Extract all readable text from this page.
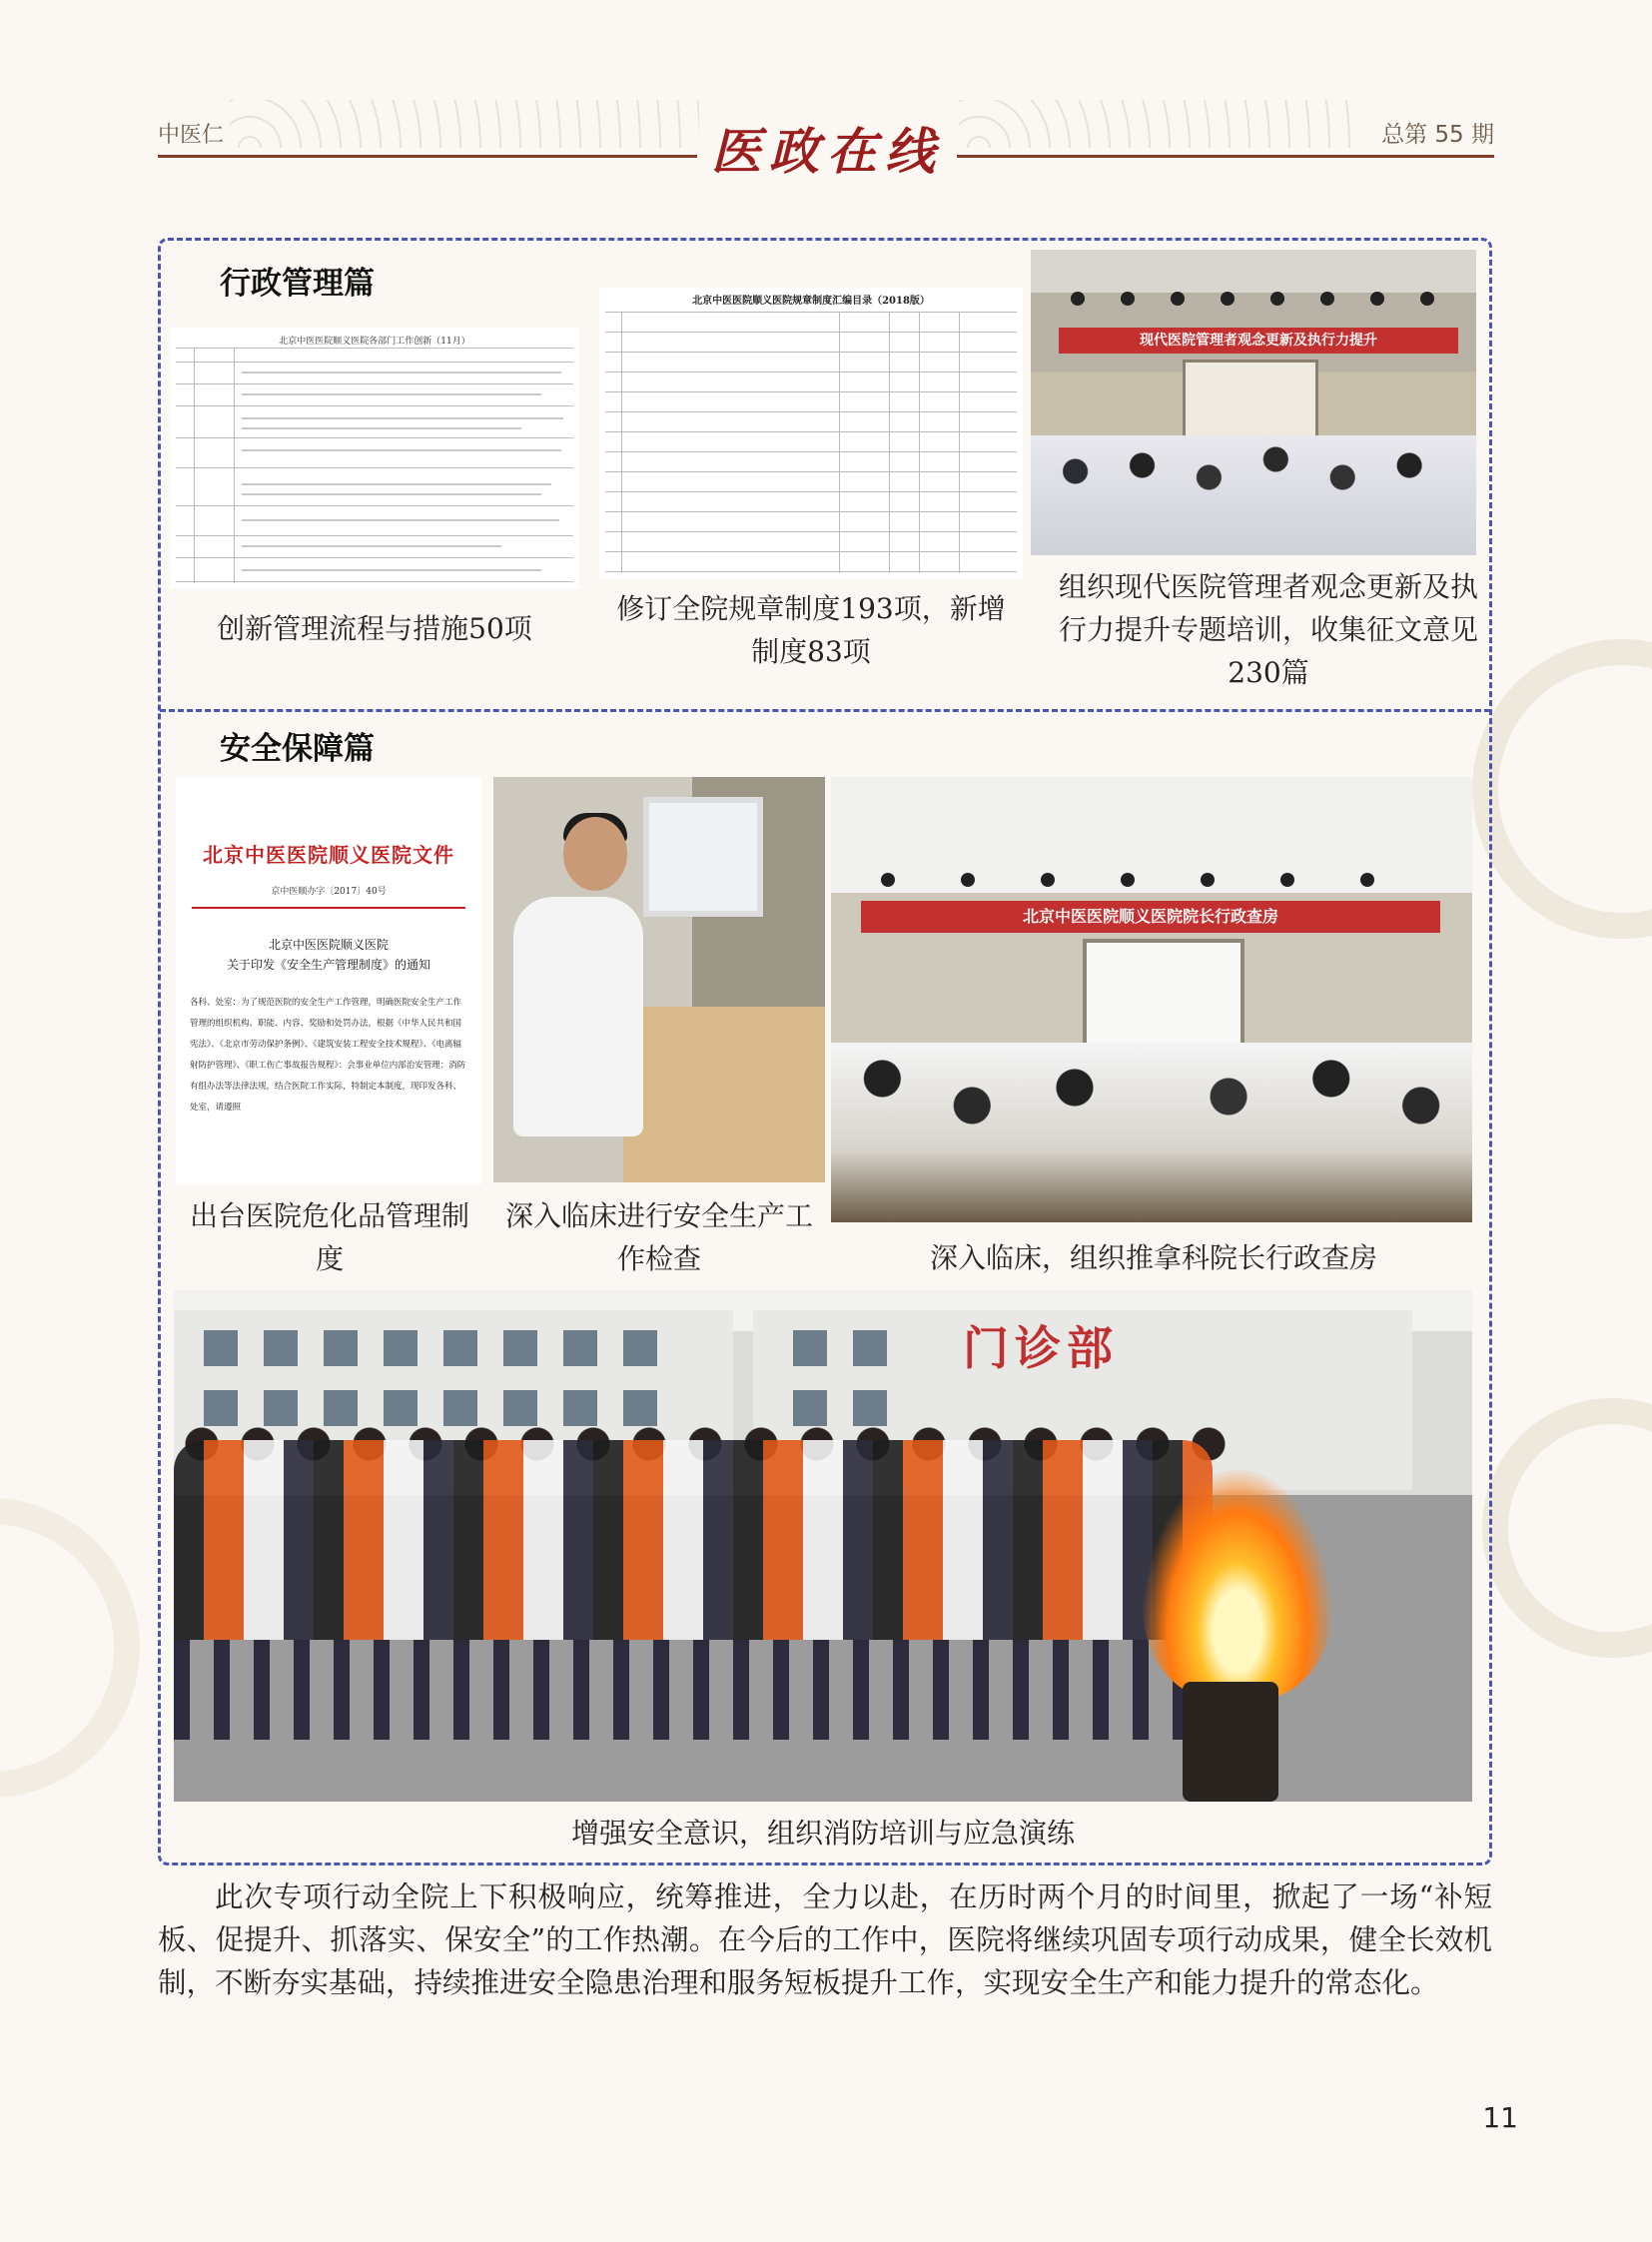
中医仁	医政在线	总第 55 期
行政管理篇
北京中医医院顺义医院各部门工作创新（11月）
北京中医医院顺义医院规章制度汇编目录（2018版）
现代医院管理者观念更新及执行力提升
创新管理流程与措施50项
修订全院规章制度193项，新增制度83项
组织现代医院管理者观念更新及执行力提升专题培训，收集征文意见230篇
安全保障篇
北京中医医院顺义医院文件
京中医顺办字〔2017〕40号
北京中医医院顺义医院
关于印发《安全生产管理制度》的通知
各科、处室：为了规范医院的安全生产工作管理，明确医院安全生产工作管理的组织机构、职能、内容、奖励和处罚办法，根据《中华人民共和国宪法》、《北京市劳动保护条例》、《建筑安装工程安全技术规程》、《电离辐射防护管理》、《职工伤亡事故报告规程》：会事业单位内部治安管理：消防有组办法等法律法规，结合医院工作实际，特制定本制度，现印发各科、处室，请遵照
北京中医医院顺义医院院长行政查房
出台医院危化品管理制度
深入临床进行安全生产工作检查	深入临床，组织推拿科院长行政查房
门诊部
增强安全意识，组织消防培训与应急演练

此次专项行动全院上下积极响应，统筹推进，全力以赴，在历时两个月的时间里，掀起了一场“补短板、促提升、抓落实、保安全”的工作热潮。在今后的工作中，医院将继续巩固专项行动成果，健全长效机制，不断夯实基础，持续推进安全隐患治理和服务短板提升工作，实现安全生产和能力提升的常态化。

11
